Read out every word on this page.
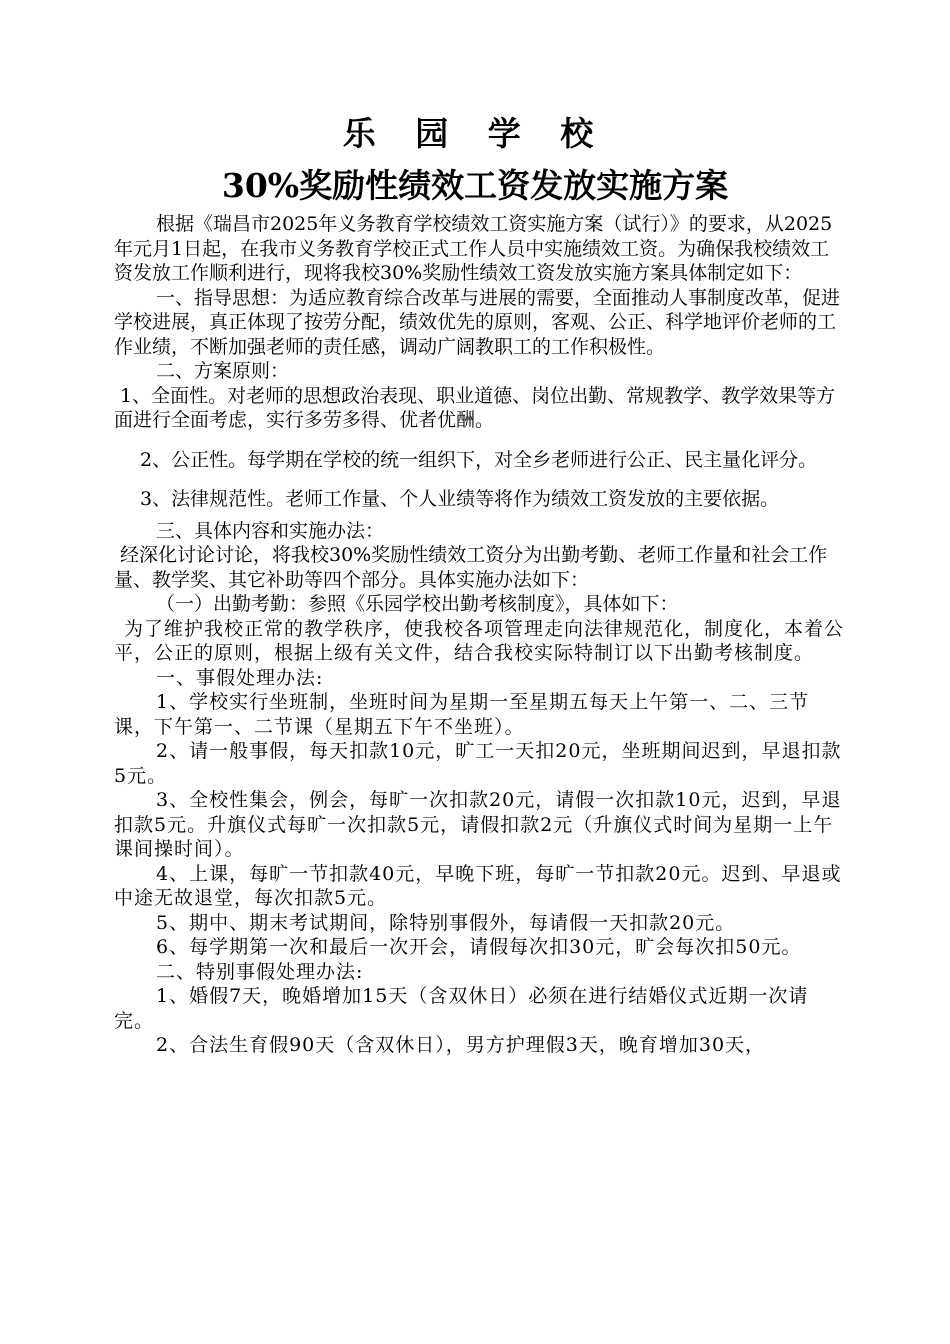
乐 园 学 校
30%奖励性绩效工资发放实施方案

根据《瑞昌市2025年义务教育学校绩效工资实施方案（试行）》的要求，从2025年元月1日起，在我市义务教育学校正式工作人员中实施绩效工资。为确保我校绩效工资发放工作顺利进行，现将我校30%奖励性绩效工资发放实施方案具体制定如下：

一、指导思想：为适应教育综合改革与进展的需要，全面推动人事制度改革，促进学校进展，真正体现了按劳分配，绩效优先的原则，客观、公正、科学地评价老师的工作业绩，不断加强老师的责任感，调动广阔教职工的工作积极性。

二、方案原则：

1、全面性。对老师的思想政治表现、职业道德、岗位出勤、常规教学、教学效果等方面进行全面考虑，实行多劳多得、优者优酬。

2、公正性。每学期在学校的统一组织下，对全乡老师进行公正、民主量化评分。

3、法律规范性。老师工作量、个人业绩等将作为绩效工资发放的主要依据。

三、具体内容和实施办法：

经深化讨论讨论，将我校30%奖励性绩效工资分为出勤考勤、老师工作量和社会工作量、教学奖、其它补助等四个部分。具体实施办法如下：

（一）出勤考勤：参照《乐园学校出勤考核制度》，具体如下：

为了维护我校正常的教学秩序，使我校各项管理走向法律规范化，制度化，本着公平，公正的原则，根据上级有关文件，结合我校实际特制订以下出勤考核制度。

一、事假处理办法:

1、学校实行坐班制，坐班时间为星期一至星期五每天上午第一、二、三节课，下午第一、二节课（星期五下午不坐班）。

2、请一般事假，每天扣款10元，旷工一天扣20元，坐班期间迟到，早退扣款5元。

3、全校性集会，例会，每旷一次扣款20元，请假一次扣款10元，迟到，早退扣款5元。升旗仪式每旷一次扣款5元，请假扣款2元（升旗仪式时间为星期一上午课间操时间）。

4、上课，每旷一节扣款40元，早晚下班，每旷一节扣款20元。迟到、早退或中途无故退堂，每次扣款5元。

5、期中、期末考试期间，除特别事假外，每请假一天扣款20元。

6、每学期第一次和最后一次开会，请假每次扣30元，旷会每次扣50元。

二、特别事假处理办法:

1、婚假7天，晚婚增加15天（含双休日）必须在进行结婚仪式近期一次请完。

2、合法生育假90天（含双休日），男方护理假3天，晚育增加30天，
